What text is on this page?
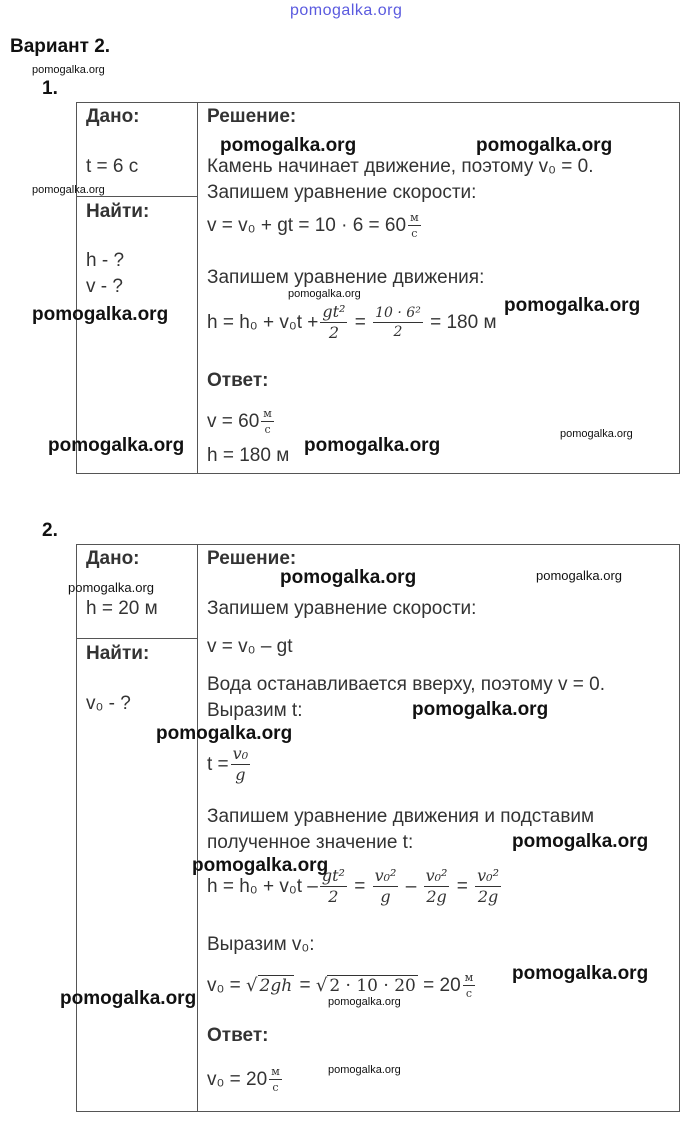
pomogalka.org
Вариант 2.
pomogalka.org
1.
Дано:
t = 6 с
pomogalka.org
Найти:
h - ?
v - ?
Решение:
pomogalka.org	pomogalka.org
Камень начинает движение, поэтому v₀ = 0.
Запишем уравнение скорости:
v = v₀ + gt = $10 \cdot 6 = 60 \frac{м}{с}$
Запишем уравнение движения:
pomogalka.org
pomogalka.org
pomogalka.org $h = h_0 + v_0t + \frac{\text{gt²}}{2} = \frac{\text{10 · 6²}}{2}$
= 180 м
Ответ:
$v = 60 \frac{м}{с}$	pomogalka.org
pomogalka.org h = 180 м pomogalka.org
2.
Дано:
pomogalka.org
h = 20 м
Найти:
v₀ - ?
Решение:
pomogalka.org	pomogalka.org
Запишем уравнение скорости:
v = v₀ – gt
Вода останавливается вверху, поэтому v = 0.
Выразим t:	pomogalka.org
pomogalka.org
$t = \frac{\text{v₀}}{g}$
Запишем уравнение движения и подставим
полученное значение t:	pomogalka.org
pomogalka.org
$h = h_0 + v_0t - \frac{\text{gt²}}{2} = \frac{\text{v₀²}}{g} - \frac{\text{v₀²}}{2g} = \frac{\text{v₀²}}{2g}$
Выразим v₀:
v₀ =
√ 2gh = √ 2 · 10 · 20
= $20 \frac{м}{с}$ pomogalka.org
pomogalka.org	pomogalka.org
Ответ:
$v_0 = 20 \frac{м}{с}$	pomogalka.org
